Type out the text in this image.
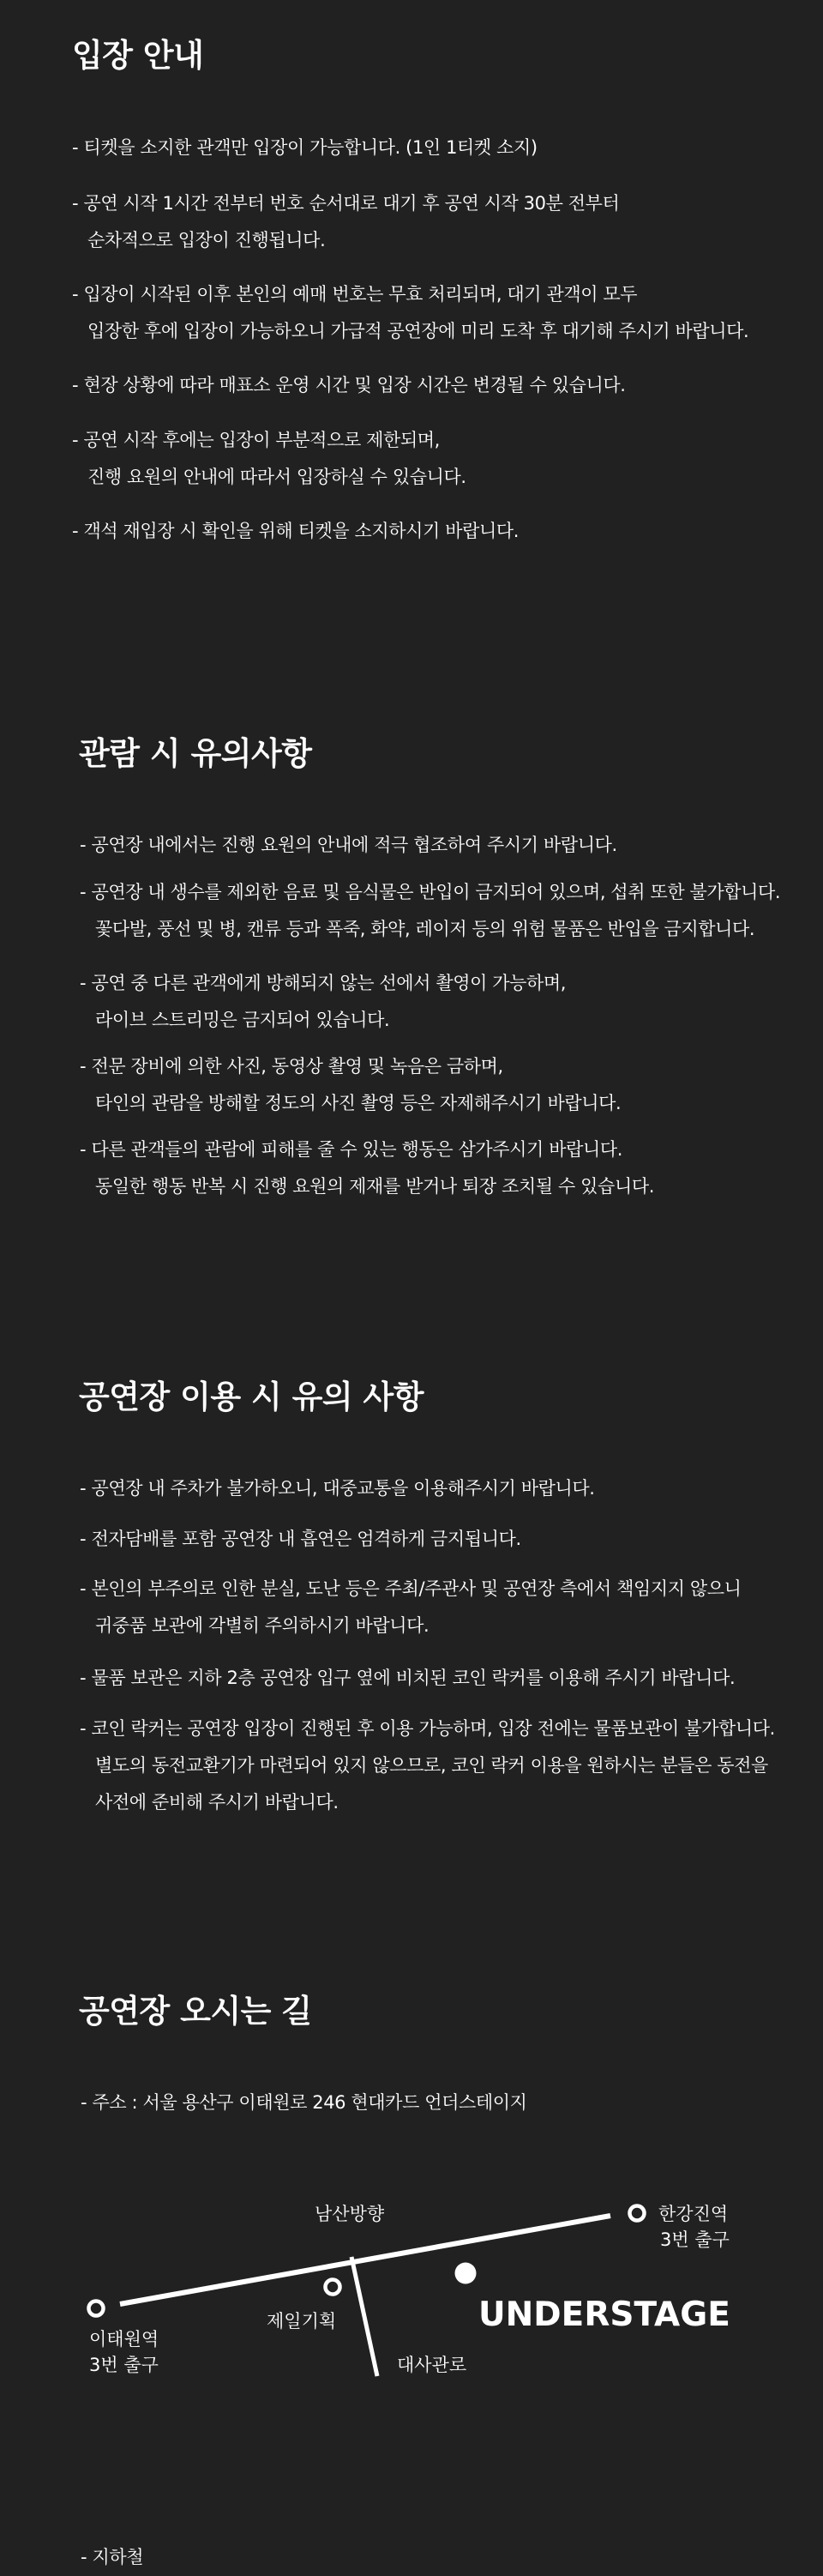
입장 안내
- 티켓을 소지한 관객만 입장이 가능합니다. (1인 1티켓 소지)
- 공연 시작 1시간 전부터 번호 순서대로 대기 후 공연 시작 30분 전부터
순차적으로 입장이 진행됩니다.
- 입장이 시작된 이후 본인의 예매 번호는 무효 처리되며, 대기 관객이 모두
입장한 후에 입장이 가능하오니 가급적 공연장에 미리 도착 후 대기해 주시기 바랍니다.
- 현장 상황에 따라 매표소 운영 시간 및 입장 시간은 변경될 수 있습니다.
- 공연 시작 후에는 입장이 부분적으로 제한되며,
진행 요원의 안내에 따라서 입장하실 수 있습니다.
- 객석 재입장 시 확인을 위해 티켓을 소지하시기 바랍니다.
관람 시 유의사항
- 공연장 내에서는 진행 요원의 안내에 적극 협조하여 주시기 바랍니다.
- 공연장 내 생수를 제외한 음료 및 음식물은 반입이 금지되어 있으며, 섭취 또한 불가합니다.
꽃다발, 풍선 및 병, 캔류 등과 폭죽, 화약, 레이저 등의 위험 물품은 반입을 금지합니다.
- 공연 중 다른 관객에게 방해되지 않는 선에서 촬영이 가능하며,
라이브 스트리밍은 금지되어 있습니다.
- 전문 장비에 의한 사진, 동영상 촬영 및 녹음은 금하며,
타인의 관람을 방해할 정도의 사진 촬영 등은 자제해주시기 바랍니다.
- 다른 관객들의 관람에 피해를 줄 수 있는 행동은 삼가주시기 바랍니다.
동일한 행동 반복 시 진행 요원의 제재를 받거나 퇴장 조치될 수 있습니다.
공연장 이용 시 유의 사항
- 공연장 내 주차가 불가하오니, 대중교통을 이용해주시기 바랍니다.
- 전자담배를 포함 공연장 내 흡연은 엄격하게 금지됩니다.
- 본인의 부주의로 인한 분실, 도난 등은 주최/주관사 및 공연장 측에서 책임지지 않으니
귀중품 보관에 각별히 주의하시기 바랍니다.
- 물품 보관은 지하 2층 공연장 입구 옆에 비치된 코인 락커를 이용해 주시기 바랍니다.
- 코인 락커는 공연장 입장이 진행된 후 이용 가능하며, 입장 전에는 물품보관이 불가합니다.
별도의 동전교환기가 마련되어 있지 않으므로, 코인 락커 이용을 원하시는 분들은 동전을
사전에 준비해 주시기 바랍니다.
공연장 오시는 길
- 주소 : 서울 용산구 이태원로 246 현대카드 언더스테이지
남산방향	한강진역
3번 출구
제일기획	UNDERSTAGE
이태원역
3번 출구	대사관로
- 지하철
